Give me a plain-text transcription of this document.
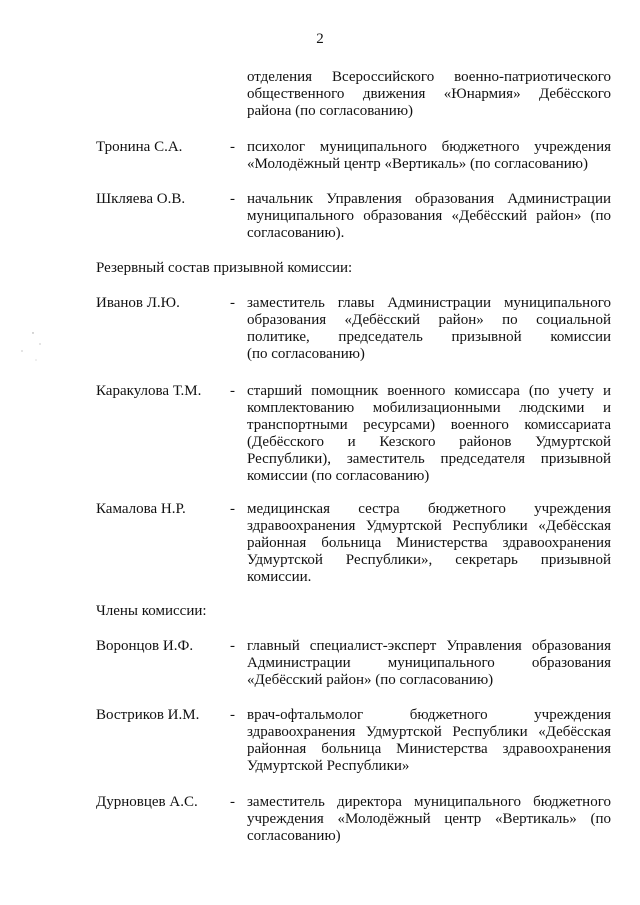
2
отделения Всероссийского военно-патриотического
общественного движения «Юнармия» Дебёсского
района (по согласованию)
Тронина С.А.	- психолог муниципального бюджетного учреждения
«Молодёжный центр «Вертикаль» (по согласованию)
Шкляева О.В.	- начальник Управления образования Администрации
муниципального образования «Дебёсский район» (по
согласованию).
Резервный состав призывной комиссии:
Иванов Л.Ю.	- заместитель главы Администрации муниципального
образования «Дебёсский район» по социальной
политике, председатель призывной комиссии
(по согласованию)
Каракулова Т.М.	- старший помощник военного комиссара (по учету и
комплектованию мобилизационными людскими и
транспортными ресурсами) военного комиссариата
(Дебёсского и Кезского районов Удмуртской
Республики), заместитель председателя призывной
комиссии (по согласованию)
Камалова Н.Р.	- медицинская сестра бюджетного учреждения
здравоохранения Удмуртской Республики «Дебёсская
районная больница Министерства здравоохранения
Удмуртской Республики», секретарь призывной
комиссии.
Члены комиссии:
Воронцов И.Ф.	- главный специалист-эксперт Управления образования
Администрации муниципального образования
«Дебёсский район» (по согласованию)
Востриков И.М.	- врач-офтальмолог бюджетного учреждения
здравоохранения Удмуртской Республики «Дебёсская
районная больница Министерства здравоохранения
Удмуртской Республики»
Дурновцев А.С.	- заместитель директора муниципального бюджетного
учреждения «Молодёжный центр «Вертикаль» (по
согласованию)
